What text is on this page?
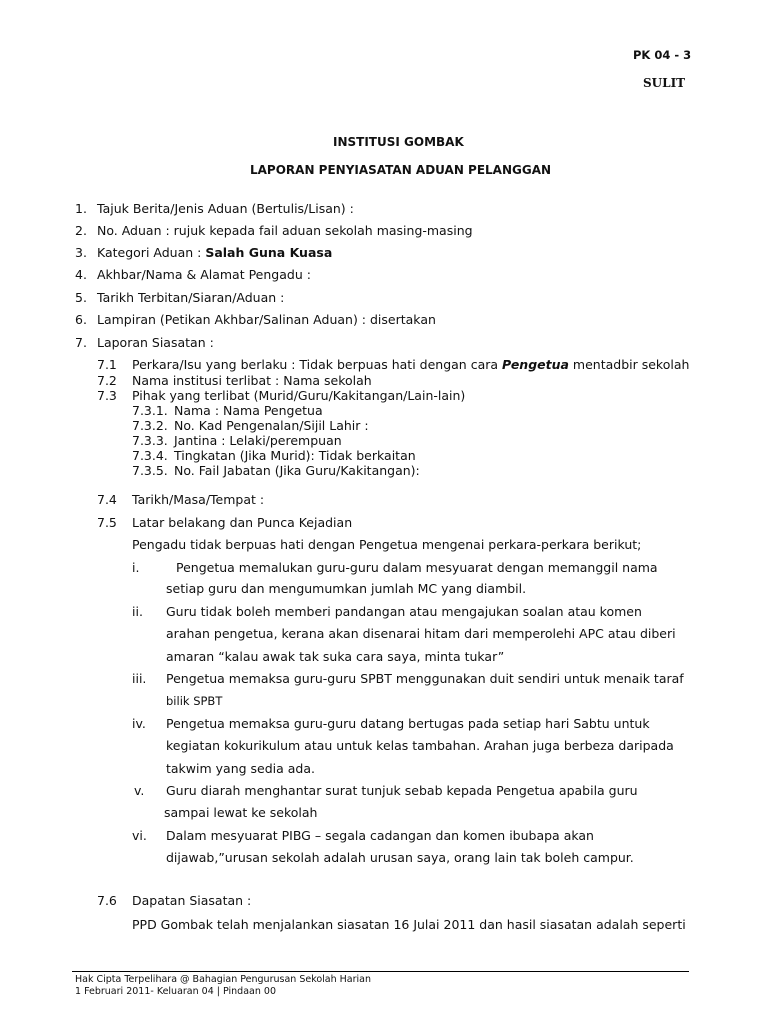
PK 04 - 3
SULIT
INSTITUSI GOMBAK
LAPORAN PENYIASATAN ADUAN PELANGGAN
1. Tajuk Berita/Jenis Aduan (Bertulis/Lisan) :
2. No. Aduan : rujuk kepada fail aduan sekolah masing-masing
3. Kategori Aduan : Salah Guna Kuasa
4. Akhbar/Nama & Alamat Pengadu :
5. Tarikh Terbitan/Siaran/Aduan :
6. Lampiran (Petikan Akhbar/Salinan Aduan) : disertakan
7. Laporan Siasatan :
7.1 Perkara/Isu yang berlaku : Tidak berpuas hati dengan cara Pengetua mentadbir sekolah
7.2 Nama institusi terlibat : Nama sekolah
7.3 Pihak yang terlibat (Murid/Guru/Kakitangan/Lain-lain)
7.3.1. Nama : Nama Pengetua
7.3.2. No. Kad Pengenalan/Sijil Lahir :
7.3.3. Jantina : Lelaki/perempuan
7.3.4. Tingkatan (Jika Murid): Tidak berkaitan
7.3.5. No. Fail Jabatan (Jika Guru/Kakitangan):
7.4 Tarikh/Masa/Tempat :
7.5 Latar belakang dan Punca Kejadian
Pengadu tidak berpuas hati dengan Pengetua mengenai perkara-perkara berikut;
i.	Pengetua memalukan guru-guru dalam mesyuarat dengan memanggil nama
setiap guru dan mengumumkan jumlah MC yang diambil.
ii. Guru tidak boleh memberi pandangan atau mengajukan soalan atau komen
arahan pengetua, kerana akan disenarai hitam dari memperolehi APC atau diberi
amaran “kalau awak tak suka cara saya, minta tukar”
iii. Pengetua memaksa guru-guru SPBT menggunakan duit sendiri untuk menaik taraf
bilik SPBT
iv. Pengetua memaksa guru-guru datang bertugas pada setiap hari Sabtu untuk
kegiatan kokurikulum atau untuk kelas tambahan. Arahan juga berbeza daripada
takwim yang sedia ada.
v. Guru diarah menghantar surat tunjuk sebab kepada Pengetua apabila guru
sampai lewat ke sekolah
vi. Dalam mesyuarat PIBG – segala cadangan dan komen ibubapa akan
dijawab,”urusan sekolah adalah urusan saya, orang lain tak boleh campur.
7.6 Dapatan Siasatan :
PPD Gombak telah menjalankan siasatan 16 Julai 2011 dan hasil siasatan adalah seperti
Hak Cipta Terpelihara @ Bahagian Pengurusan Sekolah Harian
1 Februari 2011- Keluaran 04 | Pindaan 00
